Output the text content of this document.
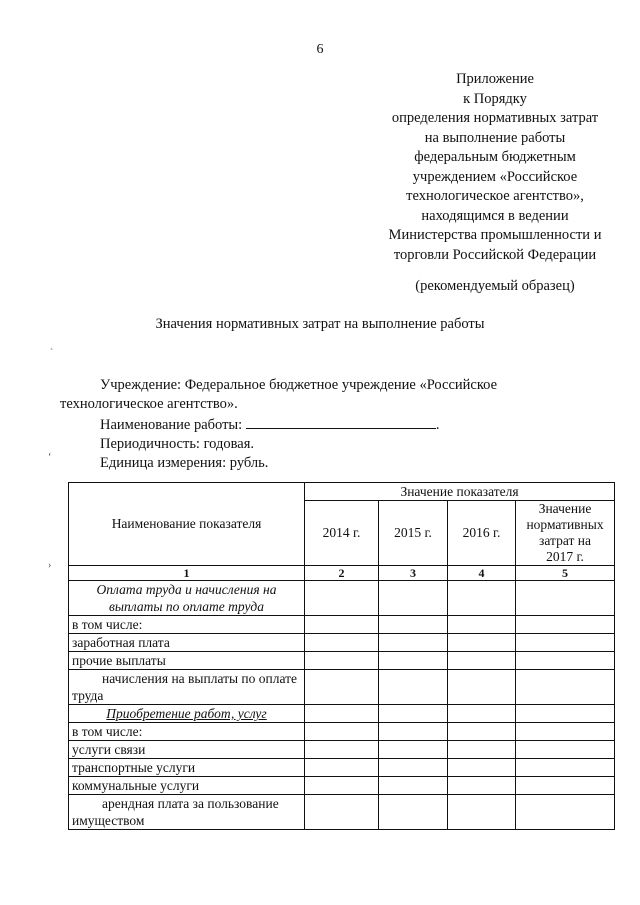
6
Приложение
к Порядку
определения нормативных затрат
на выполнение работы
федеральным бюджетным
учреждением «Российское
технологическое агентство»,
находящимся в ведении
Министерства промышленности и
торговли Российской Федерации
(рекомендуемый образец)
Значения нормативных затрат на выполнение работы
Учреждение: Федеральное бюджетное учреждение «Российское
технологическое агентство».
Наименование работы:	.
Периодичность: годовая.
Единица измерения: рубль.
Наименование показателя	Значение показателя			
	2014 г.	2015 г.	2016 г.	Значение
нормативных
затрат на
2017 г.

1	2	3	4	5
Оплата труда и начисления на выплаты по оплате труда				
в том числе:				
заработная плата				
прочие выплаты				
начисления на выплаты по оплате труда				
Приобретение работ, услуг				
в том числе:				
услуги связи				
транспортные услуги				
коммунальные услуги				
арендная плата за пользование имуществом				
ˋ
ʻ
›
